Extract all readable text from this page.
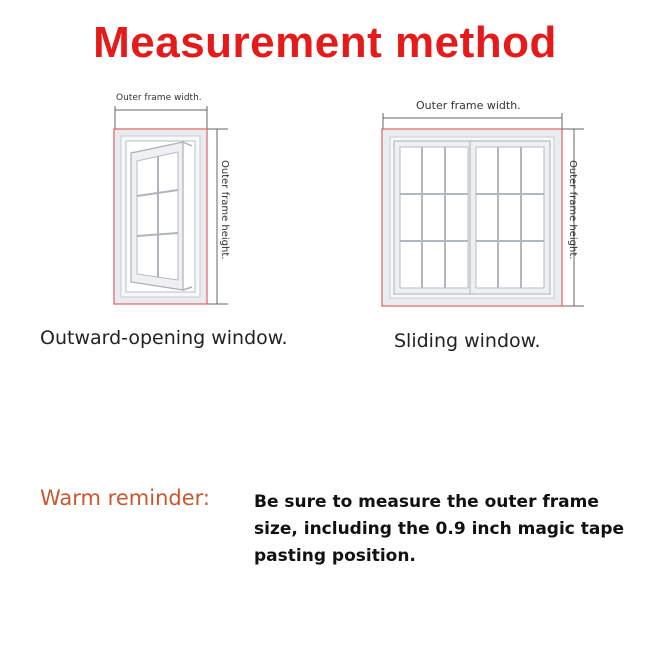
Measurement method
Outer frame width.
Outer frame height.
Outer frame width.
Outer frame height.
Outward-opening window.	Sliding window.
Warm reminder:	Be sure to measure the outer frame size, including the 0.9 inch magic tape pasting position.
